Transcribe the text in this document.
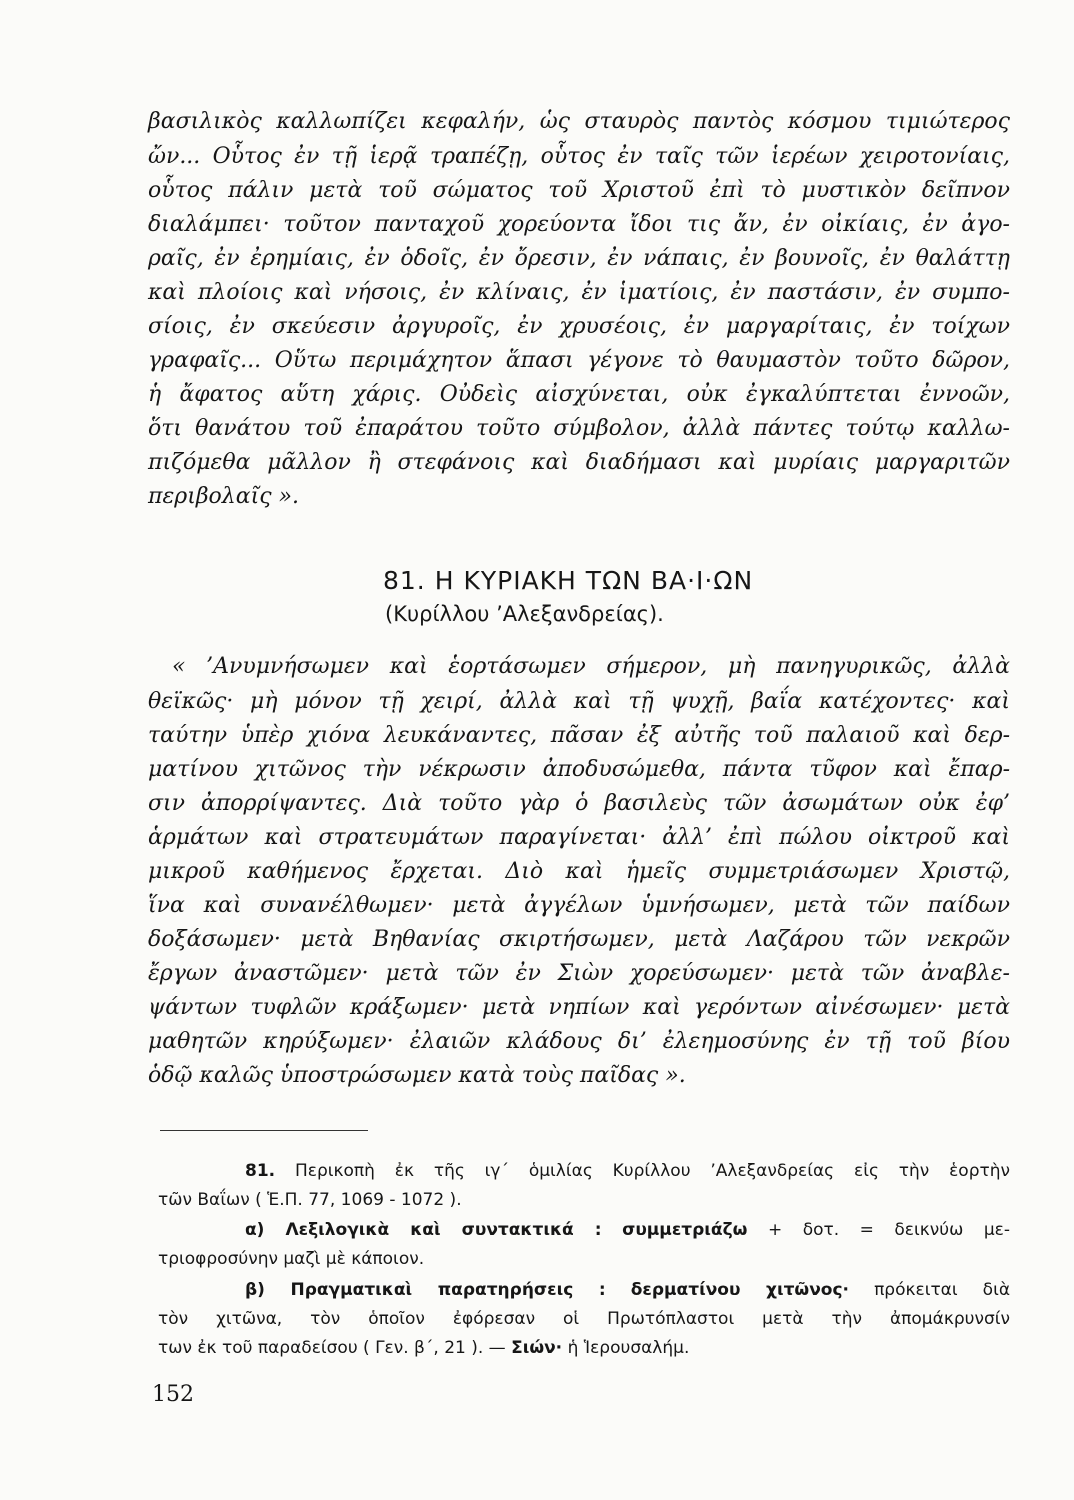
βασιλικὸς καλλωπίζει κεφαλήν, ὡς σταυρὸς παντὸς κόσμου τιμιώτερος
ὤν... Οὗτος ἐν τῇ ἱερᾷ τραπέζῃ, οὗτος ἐν ταῖς τῶν ἱερέων χειροτονίαις,
οὗτος πάλιν μετὰ τοῦ σώματος τοῦ Χριστοῦ ἐπὶ τὸ μυστικὸν δεῖπνον
διαλάμπει· τοῦτον πανταχοῦ χορεύοντα ἴδοι τις ἄν, ἐν οἰκίαις, ἐν ἀγο-
ραῖς, ἐν ἐρημίαις, ἐν ὁδοῖς, ἐν ὄρεσιν, ἐν νάπαις, ἐν βουνοῖς, ἐν θαλάττῃ
καὶ πλοίοις καὶ νήσοις, ἐν κλίναις, ἐν ἱματίοις, ἐν παστάσιν, ἐν συμπο-
σίοις, ἐν σκεύεσιν ἀργυροῖς, ἐν χρυσέοις, ἐν μαργαρίταις, ἐν τοίχων
γραφαῖς... Οὕτω περιμάχητον ἅπασι γέγονε τὸ θαυμαστὸν τοῦτο δῶρον,
ἡ ἄφατος αὕτη χάρις. Οὐδεὶς αἰσχύνεται, οὐκ ἐγκαλύπτεται ἐννοῶν,
ὅτι θανάτου τοῦ ἐπαράτου τοῦτο σύμβολον, ἀλλὰ πάντες τούτῳ καλλω-
πιζόμεθα μᾶλλον ἢ στεφάνοις καὶ διαδήμασι καὶ μυρίαις μαργαριτῶν
περιβολαῖς ».
81. Η ΚΥΡΙΑΚΗ ΤΩΝ ΒΑ·Ι·ΩΝ
(Κυρίλλου ’Αλεξανδρείας).
« ’Ανυμνήσωμεν καὶ ἑορτάσωμεν σήμερον, μὴ πανηγυρικῶς, ἀλλὰ
θεϊκῶς· μὴ μόνον τῇ χειρί, ἀλλὰ καὶ τῇ ψυχῇ, βαΐα κατέχοντες· καὶ
ταύτην ὑπὲρ χιόνα λευκάναντες, πᾶσαν ἐξ αὐτῆς τοῦ παλαιοῦ καὶ δερ-
ματίνου χιτῶνος τὴν νέκρωσιν ἀποδυσώμεθα, πάντα τῦφον καὶ ἔπαρ-
σιν ἀπορρίψαντες. Διὰ τοῦτο γὰρ ὁ βασιλεὺς τῶν ἀσωμάτων οὐκ ἐφ’
ἁρμάτων καὶ στρατευμάτων παραγίνεται· ἀλλ’ ἐπὶ πώλου οἰκτροῦ καὶ
μικροῦ καθήμενος ἔρχεται. Διὸ καὶ ἡμεῖς συμμετριάσωμεν Χριστῷ,
ἵνα καὶ συνανέλθωμεν· μετὰ ἀγγέλων ὑμνήσωμεν, μετὰ τῶν παίδων
δοξάσωμεν· μετὰ Βηθανίας σκιρτήσωμεν, μετὰ Λαζάρου τῶν νεκρῶν
ἔργων ἀναστῶμεν· μετὰ τῶν ἐν Σιὼν χορεύσωμεν· μετὰ τῶν ἀναβλε-
ψάντων τυφλῶν κράξωμεν· μετὰ νηπίων καὶ γερόντων αἰνέσωμεν· μετὰ
μαθητῶν κηρύξωμεν· ἐλαιῶν κλάδους δι’ ἐλεημοσύνης ἐν τῇ τοῦ βίου
ὁδῷ καλῶς ὑποστρώσωμεν κατὰ τοὺς παῖδας ».
81. Περικοπὴ ἐκ τῆς ιγ΄ ὁμιλίας Κυρίλλου ’Αλεξανδρείας εἰς τὴν ἑορτὴν
τῶν Βαΐων ( Ἑ.Π. 77, 1069 - 1072 ).
α) Λεξιλογικὰ καὶ συντακτικά : συμμετριάζω + δοτ. = δεικνύω με-
τριοφροσύνην μαζὶ μὲ κάποιον.
β) Πραγματικαὶ παρατηρήσεις : δερματίνου χιτῶνος· πρόκειται διὰ
τὸν χιτῶνα, τὸν ὁποῖον ἐφόρεσαν οἱ Πρωτόπλαστοι μετὰ τὴν ἀπομάκρυνσίν
των ἐκ τοῦ παραδείσου ( Γεν. β΄, 21 ). — Σιών· ἡ Ἱερουσαλήμ.
152
